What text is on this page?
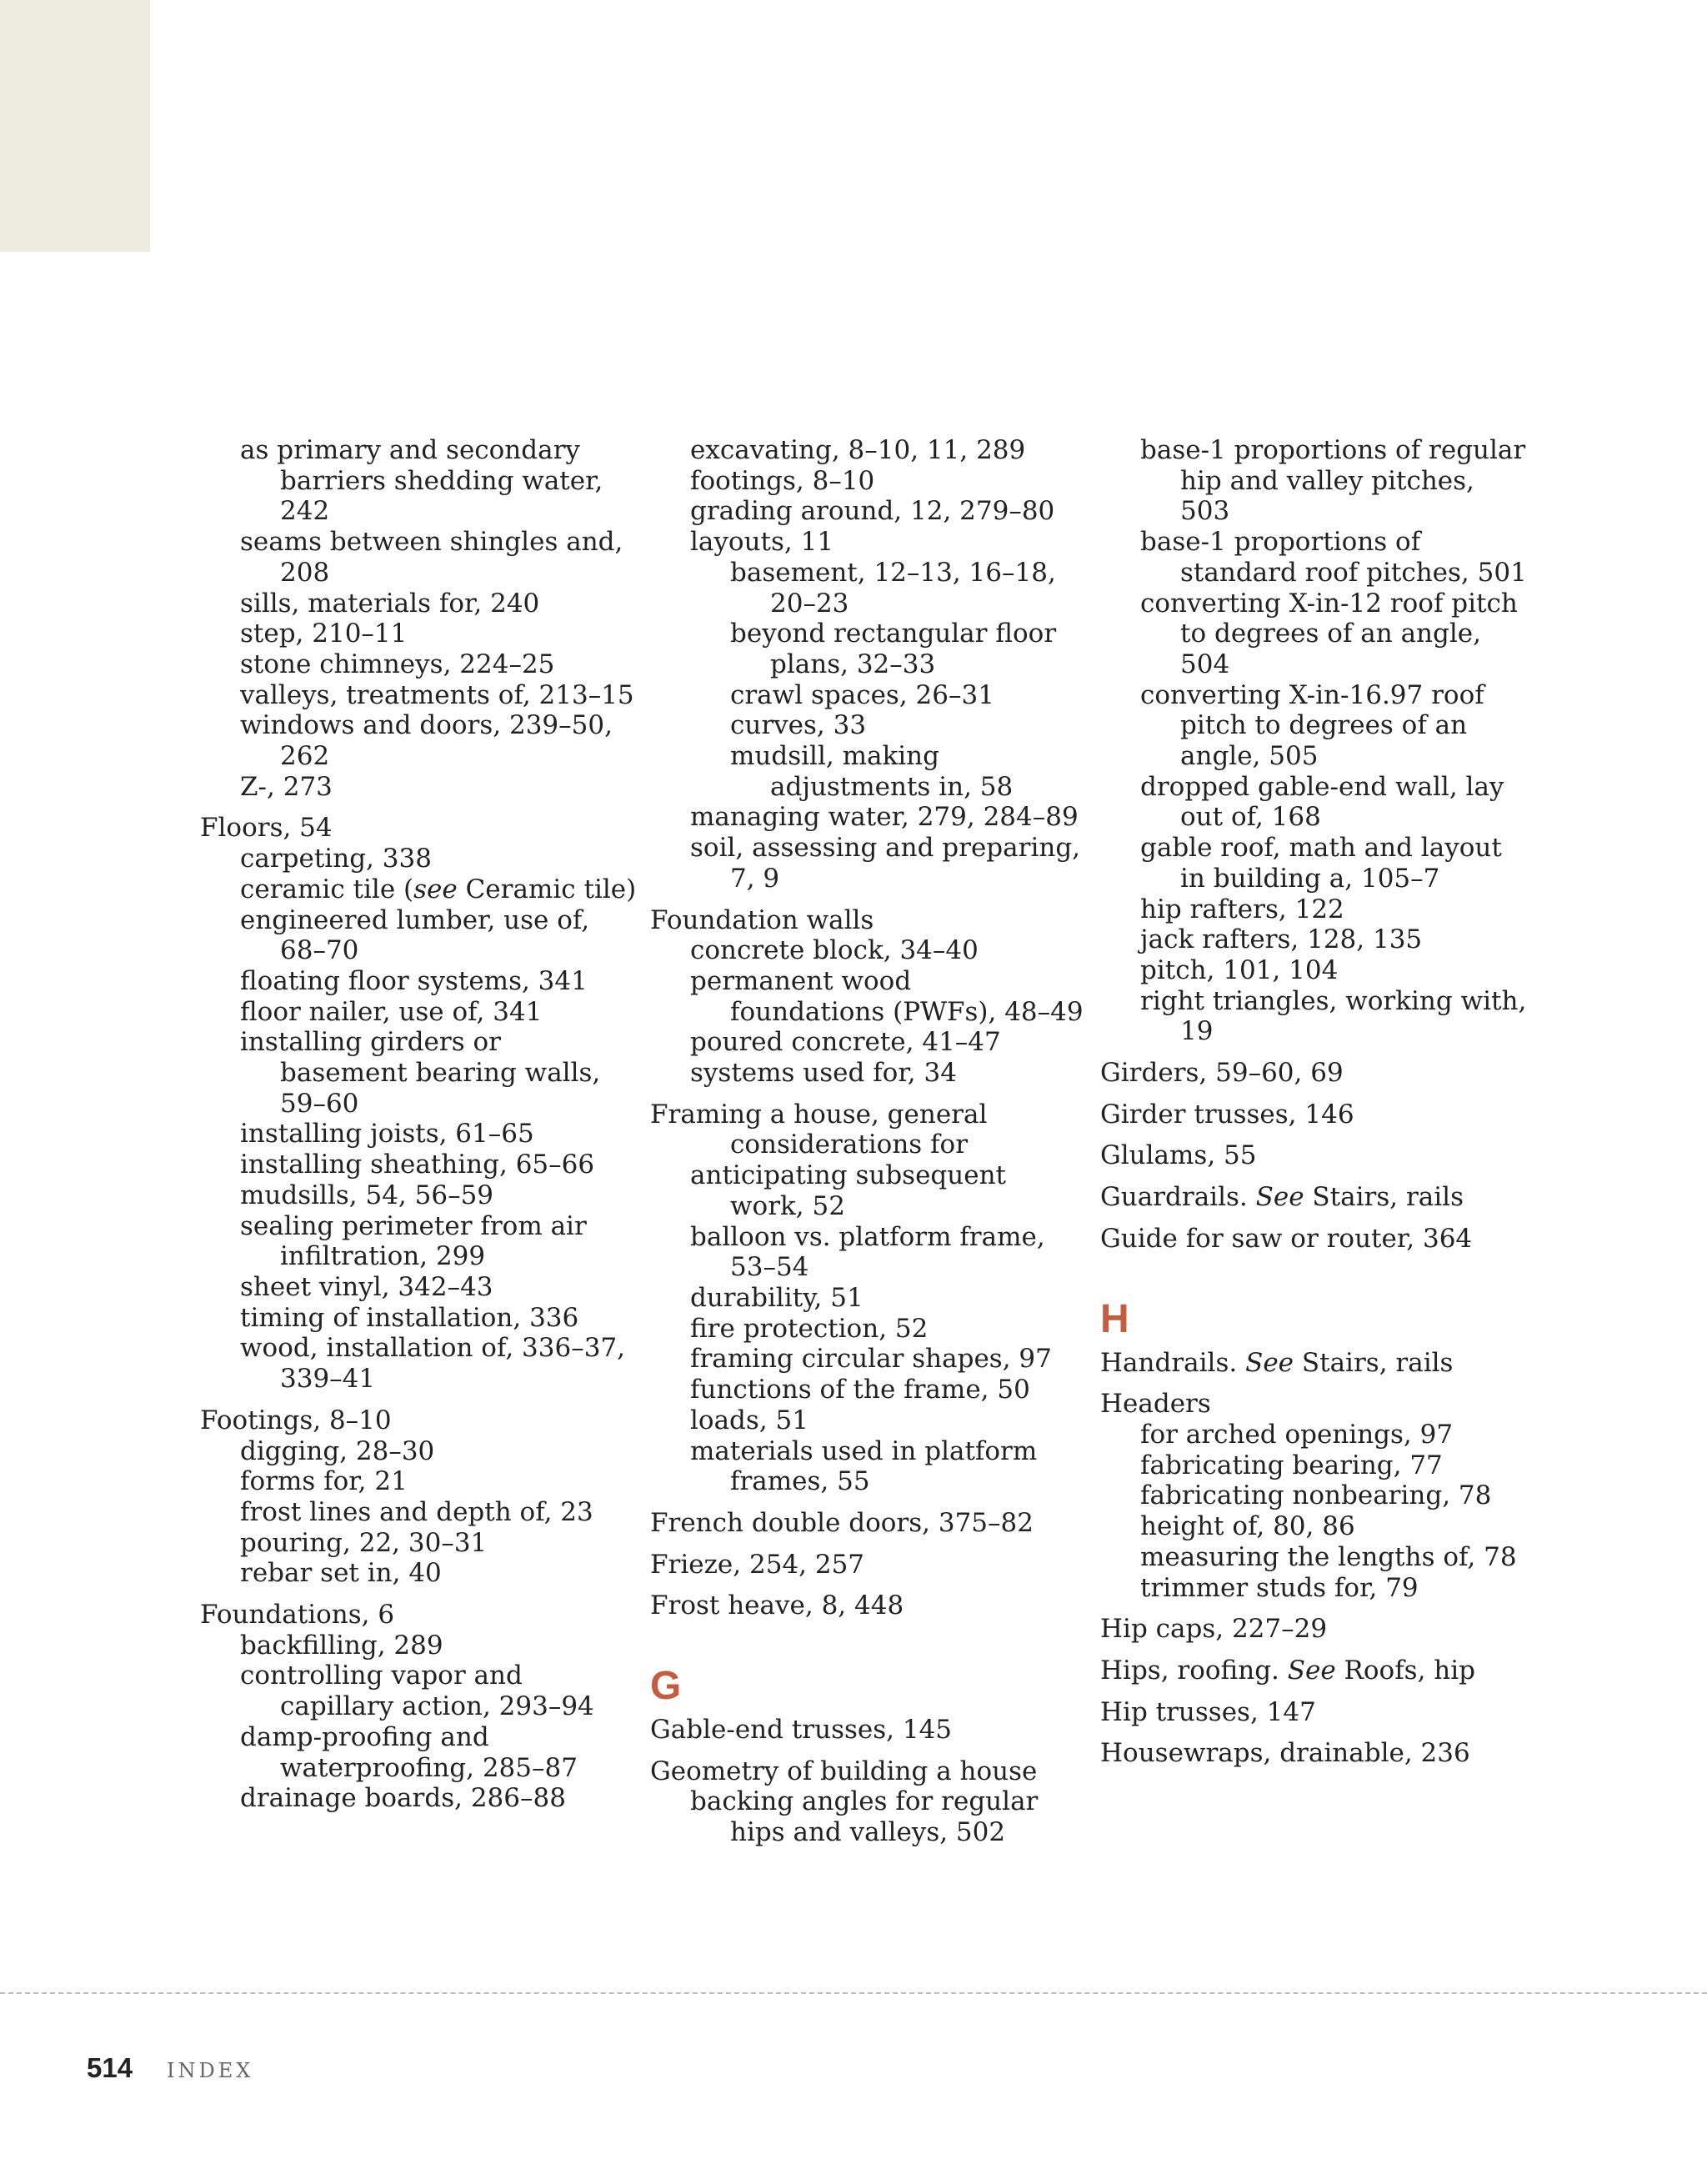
as primary and secondary
barriers shedding water,
242
seams between shingles and,
208
sills, materials for, 240
step, 210–11
stone chimneys, 224–25
valleys, treatments of, 213–15
windows and doors, 239–50,
262
Z-, 273
Floors, 54
carpeting, 338
ceramic tile (see Ceramic tile)
engineered lumber, use of,
68–70
floating floor systems, 341
floor nailer, use of, 341
installing girders or
basement bearing walls,
59–60
installing joists, 61–65
installing sheathing, 65–66
mudsills, 54, 56–59
sealing perimeter from air
infiltration, 299
sheet vinyl, 342–43
timing of installation, 336
wood, installation of, 336–37,
339–41
Footings, 8–10
digging, 28–30
forms for, 21
frost lines and depth of, 23
pouring, 22, 30–31
rebar set in, 40
Foundations, 6
backfilling, 289
controlling vapor and
capillary action, 293–94
damp-proofing and
waterproofing, 285–87
drainage boards, 286–88
excavating, 8–10, 11, 289
footings, 8–10
grading around, 12, 279–80
layouts, 11
basement, 12–13, 16–18,
20–23
beyond rectangular floor
plans, 32–33
crawl spaces, 26–31
curves, 33
mudsill, making
adjustments in, 58
managing water, 279, 284–89
soil, assessing and preparing,
7, 9
Foundation walls
concrete block, 34–40
permanent wood
foundations (PWFs), 48–49
poured concrete, 41–47
systems used for, 34
Framing a house, general
considerations for
anticipating subsequent
work, 52
balloon vs. platform frame,
53–54
durability, 51
fire protection, 52
framing circular shapes, 97
functions of the frame, 50
loads, 51
materials used in platform
frames, 55
French double doors, 375–82
Frieze, 254, 257
Frost heave, 8, 448
G
Gable-end trusses, 145
Geometry of building a house
backing angles for regular
hips and valleys, 502
base-1 proportions of regular
hip and valley pitches,
503
base-1 proportions of
standard roof pitches, 501
converting X-in-12 roof pitch
to degrees of an angle,
504
converting X-in-16.97 roof
pitch to degrees of an
angle, 505
dropped gable-end wall, lay
out of, 168
gable roof, math and layout
in building a, 105–7
hip rafters, 122
jack rafters, 128, 135
pitch, 101, 104
right triangles, working with,
19
Girders, 59–60, 69
Girder trusses, 146
Glulams, 55
Guardrails. See Stairs, rails
Guide for saw or router, 364
H
Handrails. See Stairs, rails
Headers
for arched openings, 97
fabricating bearing, 77
fabricating nonbearing, 78
height of, 80, 86
measuring the lengths of, 78
trimmer studs for, 79
Hip caps, 227–29
Hips, roofing. See Roofs, hip
Hip trusses, 147
Housewraps, drainable, 236
514 INDEX
